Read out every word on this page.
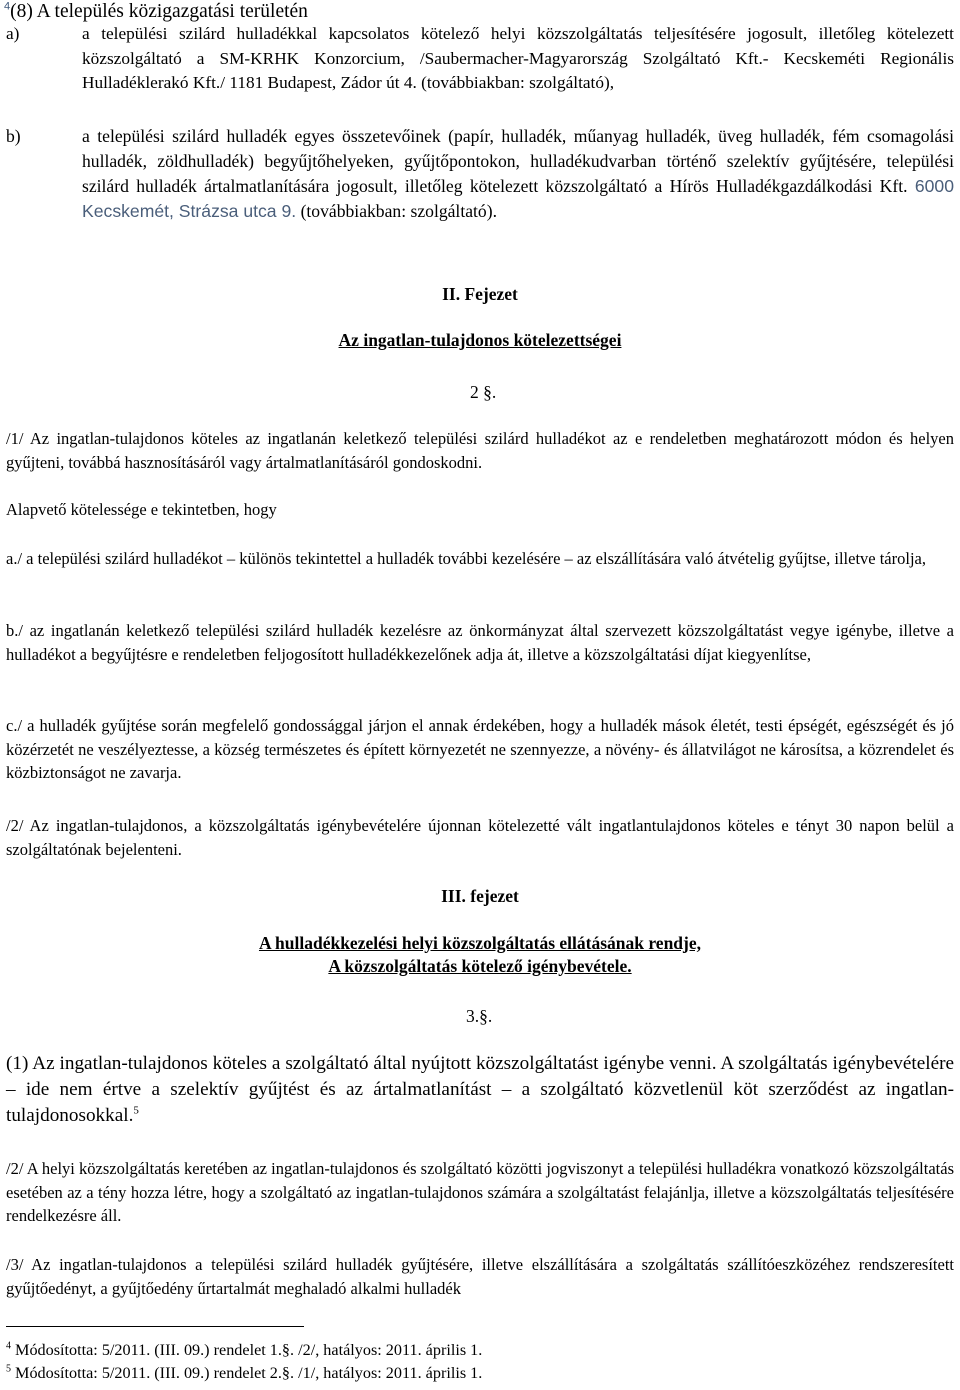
$^4$(8) A település közigazgatási területén

a)	a települési szilárd hulladékkal kapcsolatos kötelező helyi közszolgáltatás teljesítésére jogosult, illetőleg kötelezett közszolgáltató a SM-KRHK Konzorcium, /Saubermacher-Magyarország Szolgáltató Kft.- Kecskeméti Regionális Hulladéklerakó Kft./ 1181 Budapest, Zádor út 4. (továbbiakban: szolgáltató),
b)	a települési szilárd hulladék egyes összetevőinek (papír, hulladék, műanyag hulladék, üveg hulladék, fém csomagolási hulladék, zöldhulladék) begyűjtőhelyeken, gyűjtőpontokon, hulladékudvarban történő szelektív gyűjtésére, települési szilárd hulladék ártalmatlanítására jogosult, illetőleg kötelezett közszolgáltató a Hírös Hulladékgazdálkodási Kft. 6000 Kecskemét, Strázsa utca 9. (továbbiakban: szolgáltató).

II. Fejezet

Az ingatlan-tulajdonos kötelezettségei

2 §.

/1/ Az ingatlan-tulajdonos köteles az ingatlanán keletkező települési szilárd hulladékot az e rendeletben meghatározott módon és helyen gyűjteni, továbbá hasznosításáról vagy ártalmatlanításáról gondoskodni.

Alapvető kötelessége e tekintetben, hogy

a./ a települési szilárd hulladékot – különös tekintettel a hulladék további kezelésére – az elszállítására való átvételig gyűjtse, illetve tárolja,

b./ az ingatlanán keletkező települési szilárd hulladék kezelésre az önkormányzat által szervezett közszolgáltatást vegye igénybe, illetve a hulladékot a begyűjtésre e rendeletben feljogosított hulladékkezelőnek adja át, illetve a közszolgáltatási díjat kiegyenlítse,

c./ a hulladék gyűjtése során megfelelő gondossággal járjon el annak érdekében, hogy a hulladék mások életét, testi épségét, egészségét és jó közérzetét ne veszélyeztesse, a község természetes és épített környezetét ne szennyezze, a növény- és állatvilágot ne károsítsa, a közrendelet és közbiztonságot ne zavarja.

/2/ Az ingatlan-tulajdonos, a közszolgáltatás igénybevételére újonnan kötelezetté vált ingatlantulajdonos köteles e tényt 30 napon belül a szolgáltatónak bejelenteni.

III. fejezet

A hulladékkezelési helyi közszolgáltatás ellátásának rendje,

A közszolgáltatás kötelező igénybevétele.

3.§.

(1) Az ingatlan-tulajdonos köteles a szolgáltató által nyújtott közszolgáltatást igénybe venni. A szolgáltatás igénybevételére – ide nem értve a szelektív gyűjtést és az ártalmatlanítást – a szolgáltató közvetlenül köt szerződést az ingatlan-tulajdonosokkal.$^5$

/2/ A helyi közszolgáltatás keretében az ingatlan-tulajdonos és szolgáltató közötti jogviszonyt a települési hulladékra vonatkozó közszolgáltatás esetében az a tény hozza létre, hogy a szolgáltató az ingatlan-tulajdonos számára a szolgáltatást felajánlja, illetve a közszolgáltatás teljesítésére rendelkezésre áll.

/3/ Az ingatlan-tulajdonos a települési szilárd hulladék gyűjtésére, illetve elszállítására a szolgáltatás szállítóeszközéhez rendszeresített gyűjtőedényt, a gyűjtőedény űrtartalmát meghaladó alkalmi hulladék

$^4$ Módosította: 5/2011. (III. 09.) rendelet 1.§. /2/, hatályos: 2011. április 1.

$^5$ Módosította: 5/2011. (III. 09.) rendelet 2.§. /1/, hatályos: 2011. április 1.
